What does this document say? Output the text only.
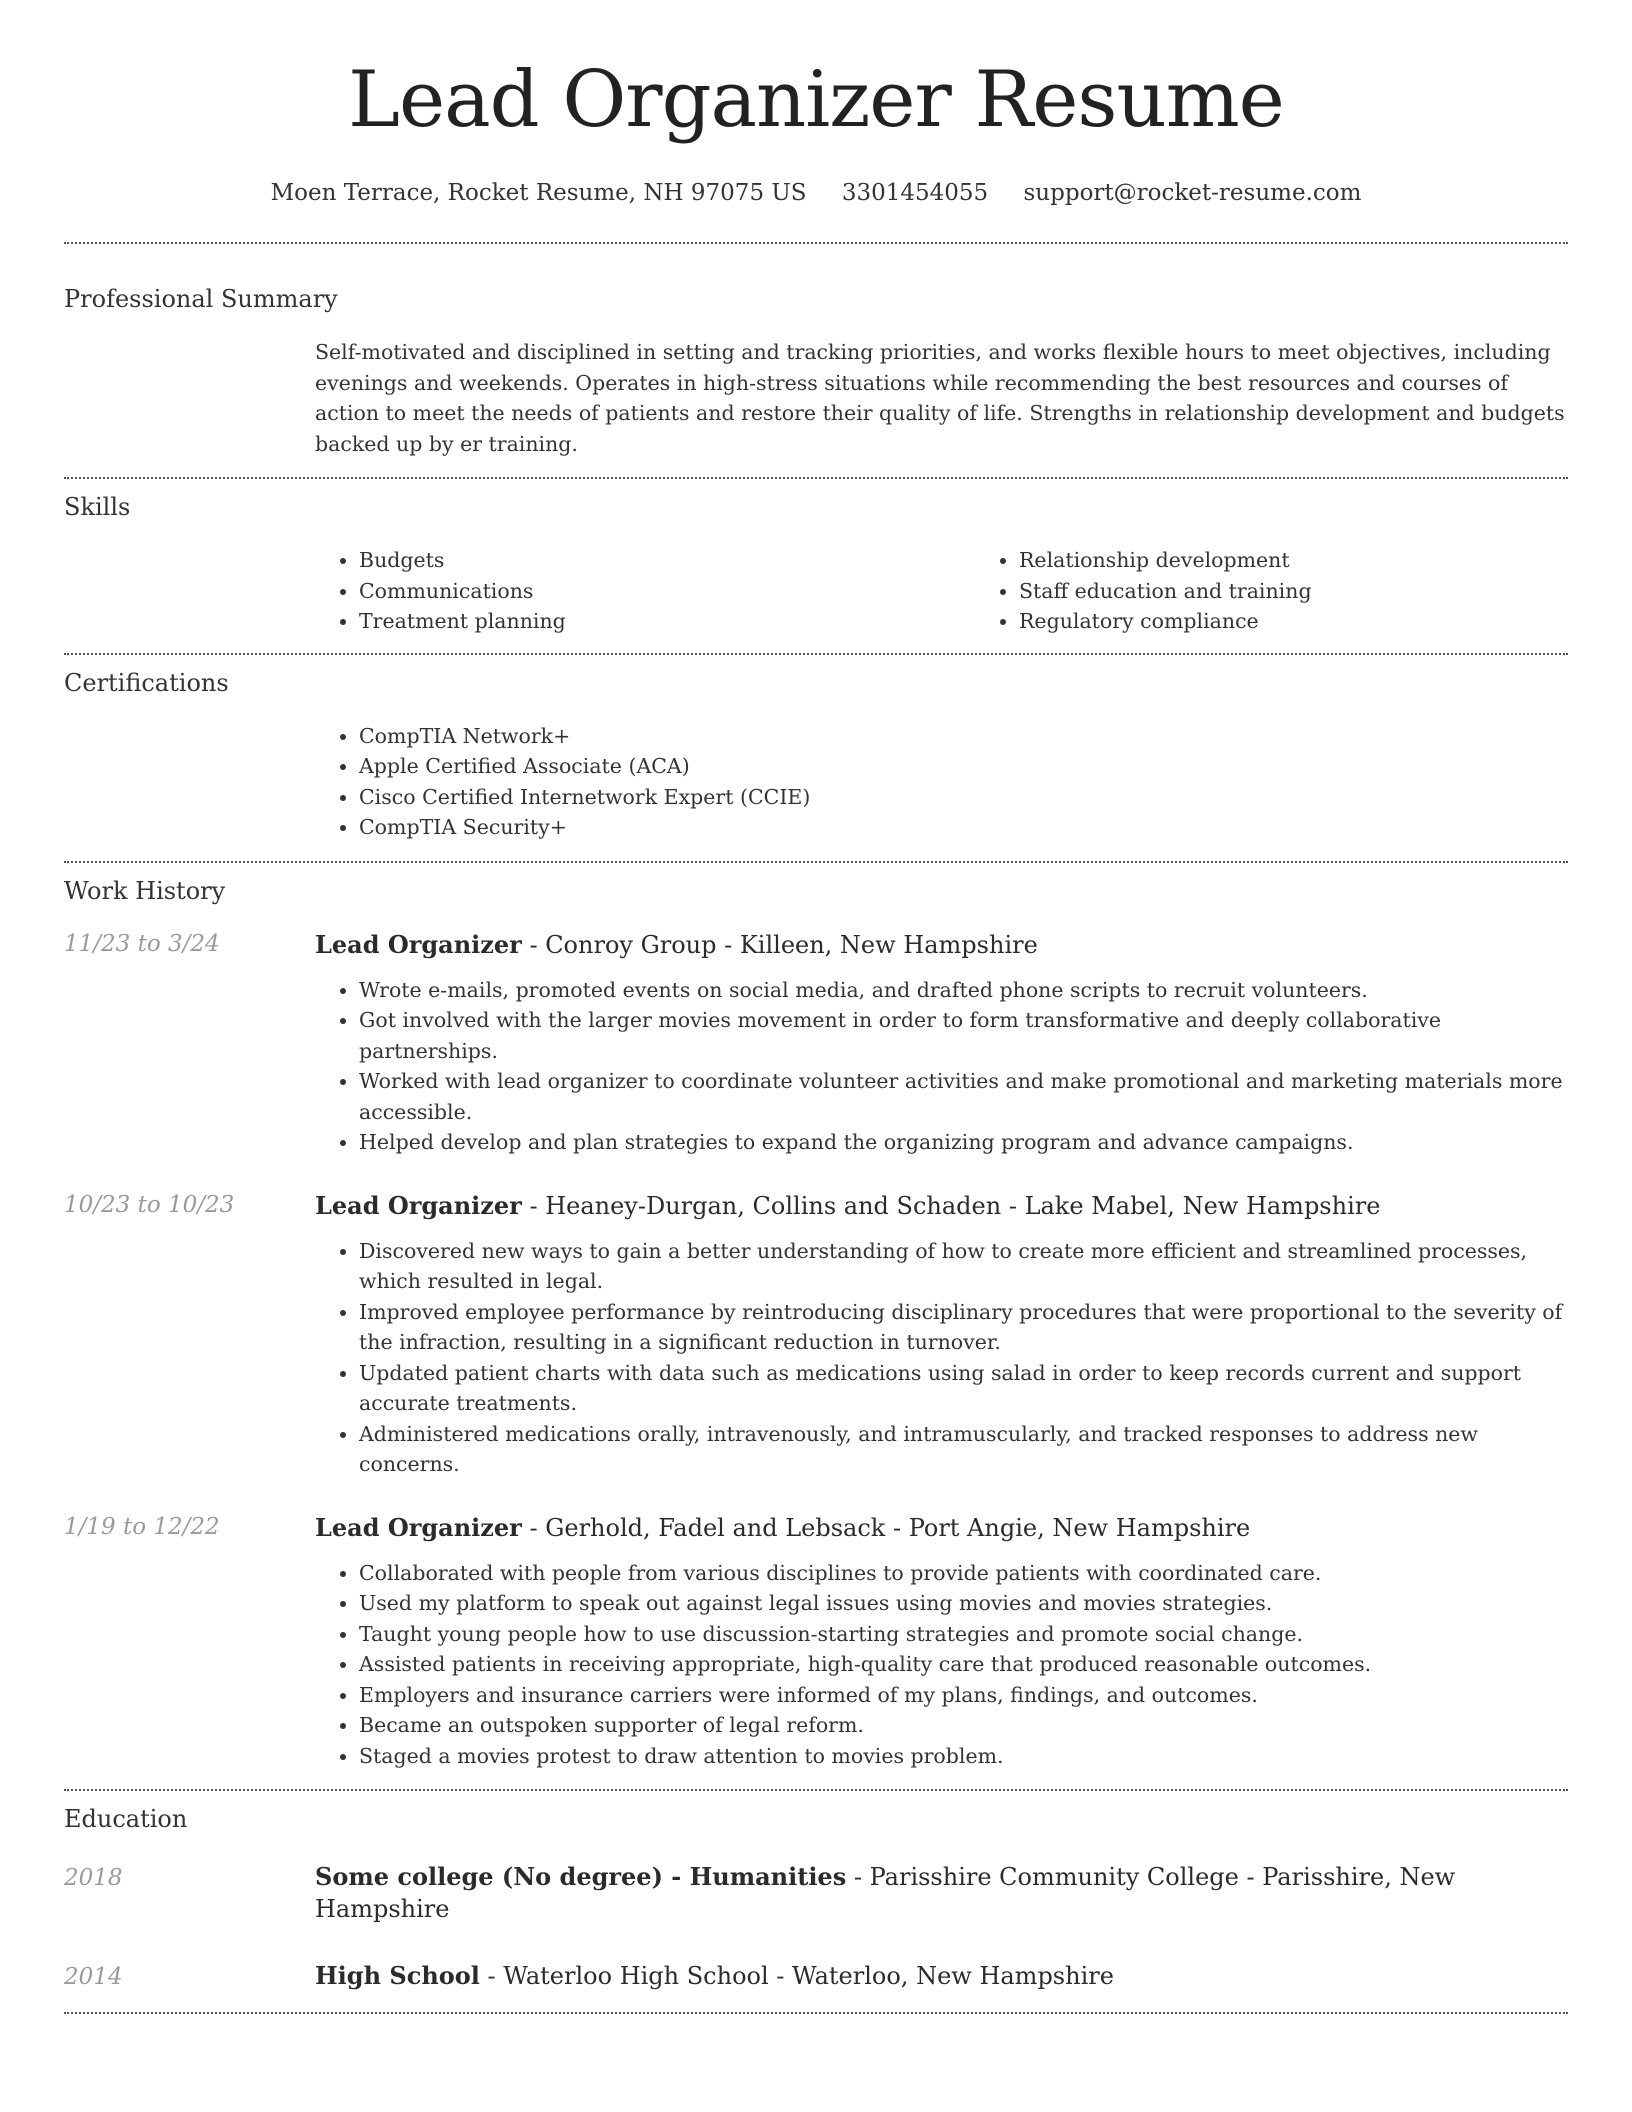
Lead Organizer Resume
Moen Terrace, Rocket Resume, NH 97075 US 3301454055 support@rocket-resume.com
Professional Summary

Self-motivated and disciplined in setting and tracking priorities, and works flexible hours to meet objectives, including evenings and weekends. Operates in high-stress situations while recommending the best resources and courses of action to meet the needs of patients and restore their quality of life. Strengths in relationship development and budgets backed up by er training.

Skills
• Budgets
• Communications
• Treatment planning
• Relationship development
• Staff education and training
• Regulatory compliance
Certifications
• CompTIA Network+
• Apple Certified Associate (ACA)
• Cisco Certified Internetwork Expert (CCIE)
• CompTIA Security+
Work History
11/23 to 3/24	Lead Organizer - Conroy Group - Killeen, New Hampshire

• Wrote e-mails, promoted events on social media, and drafted phone scripts to recruit volunteers.
• Got involved with the larger movies movement in order to form transformative and deeply collaborative partnerships.
• Worked with lead organizer to coordinate volunteer activities and make promotional and marketing materials more accessible.
• Helped develop and plan strategies to expand the organizing program and advance campaigns.
10/23 to 10/23	Lead Organizer - Heaney-Durgan, Collins and Schaden - Lake Mabel, New Hampshire

• Discovered new ways to gain a better understanding of how to create more efficient and streamlined processes, which resulted in legal.
• Improved employee performance by reintroducing disciplinary procedures that were proportional to the severity of the infraction, resulting in a significant reduction in turnover.
• Updated patient charts with data such as medications using salad in order to keep records current and support accurate treatments.
• Administered medications orally, intravenously, and intramuscularly, and tracked responses to address new concerns.
1/19 to 12/22	Lead Organizer - Gerhold, Fadel and Lebsack - Port Angie, New Hampshire

• Collaborated with people from various disciplines to provide patients with coordinated care.
• Used my platform to speak out against legal issues using movies and movies strategies.
• Taught young people how to use discussion-starting strategies and promote social change.
• Assisted patients in receiving appropriate, high-quality care that produced reasonable outcomes.
• Employers and insurance carriers were informed of my plans, findings, and outcomes.
• Became an outspoken supporter of legal reform.
• Staged a movies protest to draw attention to movies problem.
Education
2018	Some college (No degree) - Humanities - Parisshire Community College - Parisshire, New Hampshire
2014	High School - Waterloo High School - Waterloo, New Hampshire
